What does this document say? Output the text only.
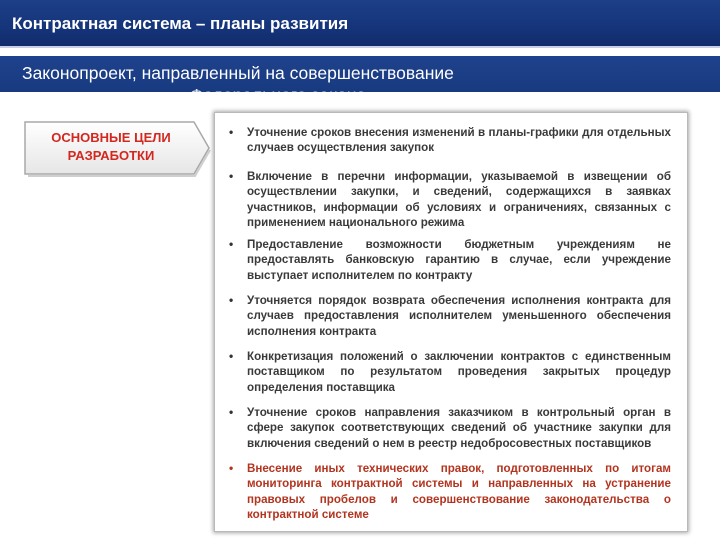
Контрактная система – планы развития
Законопроект, направленный на совершенствование
Федерального закона
ОСНОВНЫЕ ЦЕЛИ
РАЗРАБОТКИ
• Уточнение сроков внесения изменений в планы-графики для отдельных случаев осуществления закупок
• Включение в перечни информации, указываемой в извещении об осуществлении закупки, и сведений, содержащихся в заявках участников, информации об условиях и ограничениях, связанных с применением национального режима
• Предоставление возможности бюджетным учреждениям не предоставлять банковскую гарантию в случае, если учреждение выступает исполнителем по контракту
• Уточняется порядок возврата обеспечения исполнения контракта для случаев предоставления исполнителем уменьшенного обеспечения исполнения контракта
• Конкретизация положений о заключении контрактов с единственным поставщиком по результатом проведения закрытых процедур определения поставщика
• Уточнение сроков направления заказчиком в контрольный орган в сфере закупок соответствующих сведений об участнике закупки для включения сведений о нем в реестр недобросовестных поставщиков
• Внесение иных технических правок, подготовленных по итогам мониторинга контрактной системы и направленных на устранение правовых пробелов и совершенствование законодательства о контрактной системе
